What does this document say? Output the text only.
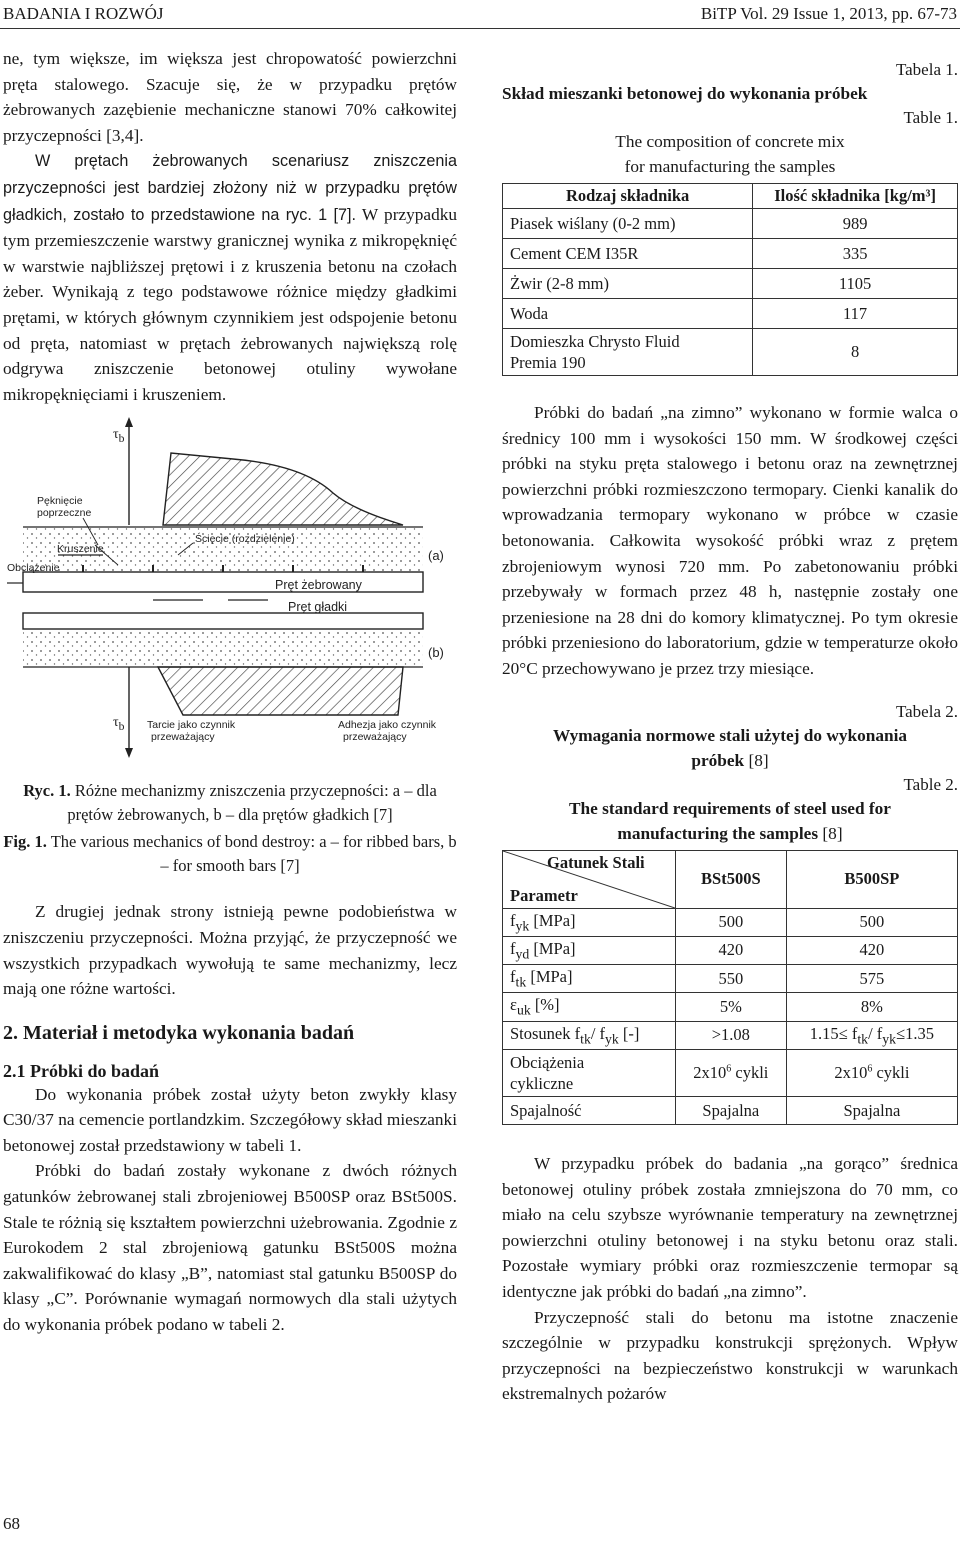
BADANIA I ROZWÓJ	BiTP Vol. 29 Issue 1, 2013, pp. 67-73

ne, tym większe, im większa jest chropowatość powierzchni pręta stalowego. Szacuje się, że w przypadku prętów żebrowanych zazębienie mechaniczne stanowi 70% całkowitej przyczepności [3,4].

W prętach żebrowanych scenariusz zniszczenia przyczepności jest bardziej złożony niż w przypadku prętów gładkich, zostało to przedstawione na ryc. 1 [7]. W przypadku tym przemieszczenie warstwy granicznej wynika z mikropęknięć w warstwie najbliższej prętowi i z kruszenia betonu na czołach żeber. Wynikają z tego podstawowe różnice między gładkimi prętami, w których głównym czynnikiem jest odspojenie betonu od pręta, natomiast w prętach żebrowanych największą rolę odgrywa zniszczenie betonowej otuliny wywołane mikropęknięciami i kruszeniem.

$\tau_b$
Pęknięcie
poprzeczne
Kruszenie
Obciążenie
Ścięcie (rozdzielenie)
Pręt żebrowany
Pręt gładki
(a)
(b)
$\tau_b$ Tarcie jako czynnik
przeważający
Adhezja jako czynnik
przeważający

Ryc. 1. Różne mechanizmy zniszczenia przyczepności: a – dla prętów żebrowanych, b – dla prętów gładkich [7]

Fig. 1. The various mechanics of bond destroy: a – for ribbed bars, b – for smooth bars [7]

Z drugiej jednak strony istnieją pewne podobieństwa w zniszczeniu przyczepności. Można przyjąć, że przyczepność we wszystkich przypadkach wywołują te same mechanizmy, lecz mają one różne wartości.

2. Materiał i metodyka wykonania badań
2.1 Próbki do badań

Do wykonania próbek został użyty beton zwykły klasy C30/37 na cemencie portlandzkim. Szczegółowy skład mieszanki betonowej został przedstawiony w tabeli 1.

Próbki do badań zostały wykonane z dwóch różnych gatunków żebrowanej stali zbrojeniowej B500SP oraz BSt500S. Stale te różnią się kształtem powierzchni użebrowania. Zgodnie z Eurokodem 2 stal zbrojeniową gatunku BSt500S można zakwalifikować do klasy „B”, natomiast stal gatunku B500SP do klasy „C”. Porównanie wymagań normowych dla stali użytych do wykonania próbek podano w tabeli 2.

Tabela 1.
Skład mieszanki betonowej do wykonania próbek
Table 1.
The composition of concrete mix
for manufacturing the samples
Rodzaj składnika	Ilość składnika [kg/m³]
Piasek wiślany (0-2 mm)	989
Cement CEM I35R	335
Żwir (2-8 mm)	1105
Woda	117
Domieszka Chrysto Fluid Premia 190	8

Próbki do badań „na zimno” wykonano w formie walca o średnicy 100 mm i wysokości 150 mm. W środkowej części próbki na styku pręta stalowego i betonu oraz na zewnętrznej powierzchni próbki rozmieszczono termopary. Cienki kanalik do wprowadzania termopary wykonano w próbce w czasie betonowania. Całkowita wysokość próbki wraz z prętem zbrojeniowym wynosi 720 mm. Po zabetonowaniu próbki przebywały w formach przez 48 h, następnie zostały one przeniesione na 28 dni do komory klimatycznej. Po tym okresie próbki przeniesiono do laboratorium, gdzie w temperaturze około 20°C przechowywano je przez trzy miesiące.

Tabela 2.
Wymagania normowe stali użytej do wykonania
próbek [8]
Table 2.
The standard requirements of steel used for
manufacturing the samples [8]
Gatunek Stali
Parametr	BSt500S	B500SP
$f_{yk}$ [MPa]	500	500
$f_{yd}$ [MPa]	420	420
$f_{tk}$ [MPa]	550	575
$\varepsilon_{uk}$ [%]	5%	8%
Stosunek $f_{tk}/$ $f_{yk}$ [-]	>1.08	$1.15\le f_{tk}/$ $f_{yk}\le 1.35$
Obciążenia cykliczne	$2x10^6$ cykli	$2x10^6$ cykli
Spajalność	Spajalna	Spajalna

W przypadku próbek do badania „na gorąco” średnica betonowej otuliny próbek została zmniejszona do 70 mm, co miało na celu szybsze wyrównanie temperatury na zewnętrznej powierzchni otuliny betonowej i na styku betonu oraz stali. Pozostałe wymiary próbki oraz rozmieszczenie termopar są identyczne jak próbki do badań „na zimno”.

Przyczepność stali do betonu ma istotne znaczenie szczególnie w przypadku konstrukcji sprężonych. Wpływ przyczepności na bezpieczeństwo konstrukcji w warunkach ekstremalnych pożarów

68
